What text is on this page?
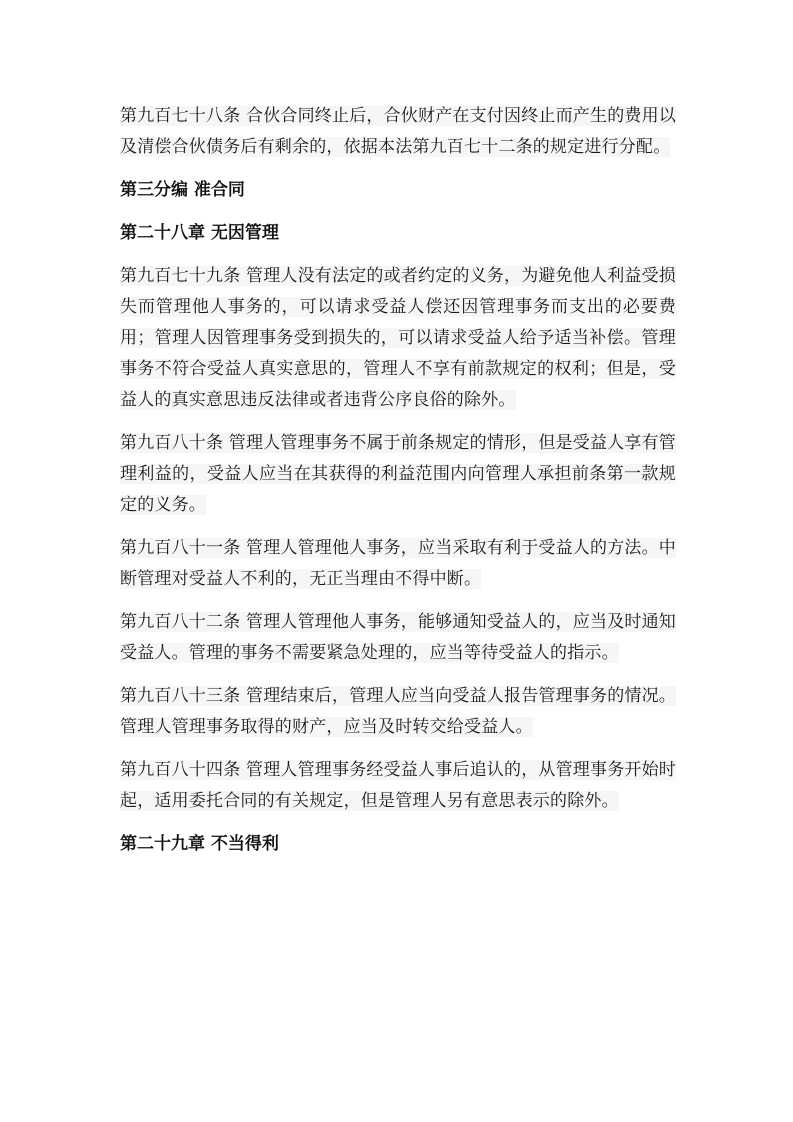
第九百七十八条 合伙合同终止后，合伙财产在支付因终止而产生的费用以及清偿合伙债务后有剩余的，依据本法第九百七十二条的规定进行分配。

第三分编 准合同
第二十八章 无因管理

第九百七十九条 管理人没有法定的或者约定的义务，为避免他人利益受损失而管理他人事务的，可以请求受益人偿还因管理事务而支出的必要费用；管理人因管理事务受到损失的，可以请求受益人给予适当补偿。管理事务不符合受益人真实意思的，管理人不享有前款规定的权利；但是，受益人的真实意思违反法律或者违背公序良俗的除外。

第九百八十条 管理人管理事务不属于前条规定的情形，但是受益人享有管理利益的，受益人应当在其获得的利益范围内向管理人承担前条第一款规定的义务。

第九百八十一条 管理人管理他人事务，应当采取有利于受益人的方法。中断管理对受益人不利的，无正当理由不得中断。

第九百八十二条 管理人管理他人事务，能够通知受益人的，应当及时通知受益人。管理的事务不需要紧急处理的，应当等待受益人的指示。

第九百八十三条 管理结束后，管理人应当向受益人报告管理事务的情况。管理人管理事务取得的财产，应当及时转交给受益人。

第九百八十四条 管理人管理事务经受益人事后追认的，从管理事务开始时起，适用委托合同的有关规定，但是管理人另有意思表示的除外。

第二十九章 不当得利
